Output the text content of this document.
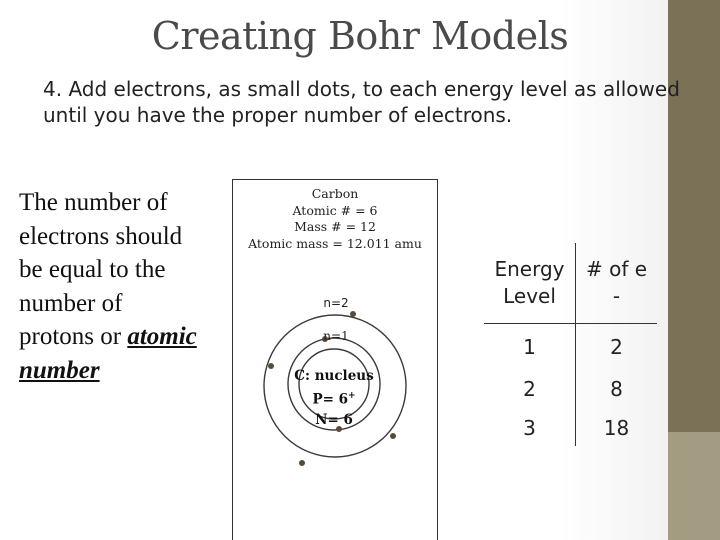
Creating Bohr Models
4. Add electrons, as small dots, to each energy level as allowed until you have the proper number of electrons.
The number of electrons should be equal to the number of protons or atomic number
Carbon
Atomic # = 6
Mass # = 12
Atomic mass = 12.011 amu
n=2
n=1
C: nucleus
P= 6+
N= 6
Energy Level	# of e
-
1	2
2	8
3	18
